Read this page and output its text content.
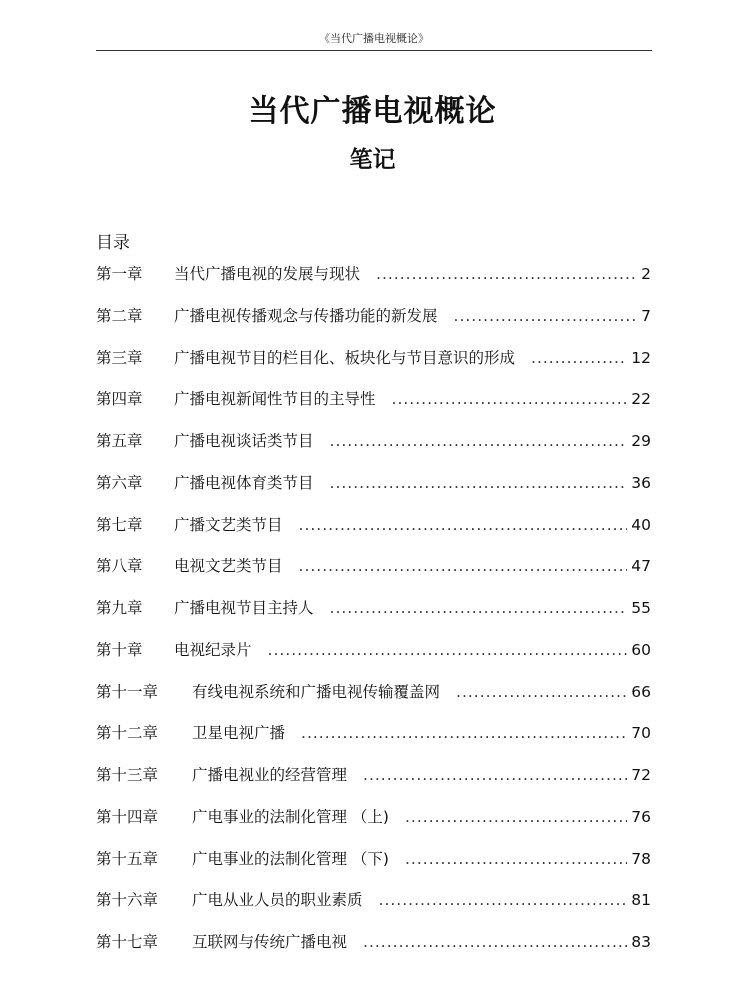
《当代广播电视概论》
当代广播电视概论
笔记
目录
第一章	当代广播电视的发展与现状 .....	2
第二章	广播电视传播观念与传播功能的新发展 .....	7
第三章	广播电视节目的栏目化、板块化与节目意识的形成 .....	12
第四章	广播电视新闻性节目的主导性 .....	22
第五章	广播电视谈话类节目 .....	29
第六章	广播电视体育类节目 .....	36
第七章	广播文艺类节目 .....	40
第八章	电视文艺类节目 .....	47
第九章	广播电视节目主持人 .....	55
第十章	电视纪录片 .....	60
第十一章	有线电视系统和广播电视传输覆盖网 .....	66
第十二章	卫星电视广播 .....	70
第十三章	广播电视业的经营管理 .....	72
第十四章	广电事业的法制化管理 （上) .....	76
第十五章	广电事业的法制化管理 （下) .....	78
第十六章	广电从业人员的职业素质 .....	81
第十七章	互联网与传统广播电视 .....	83
